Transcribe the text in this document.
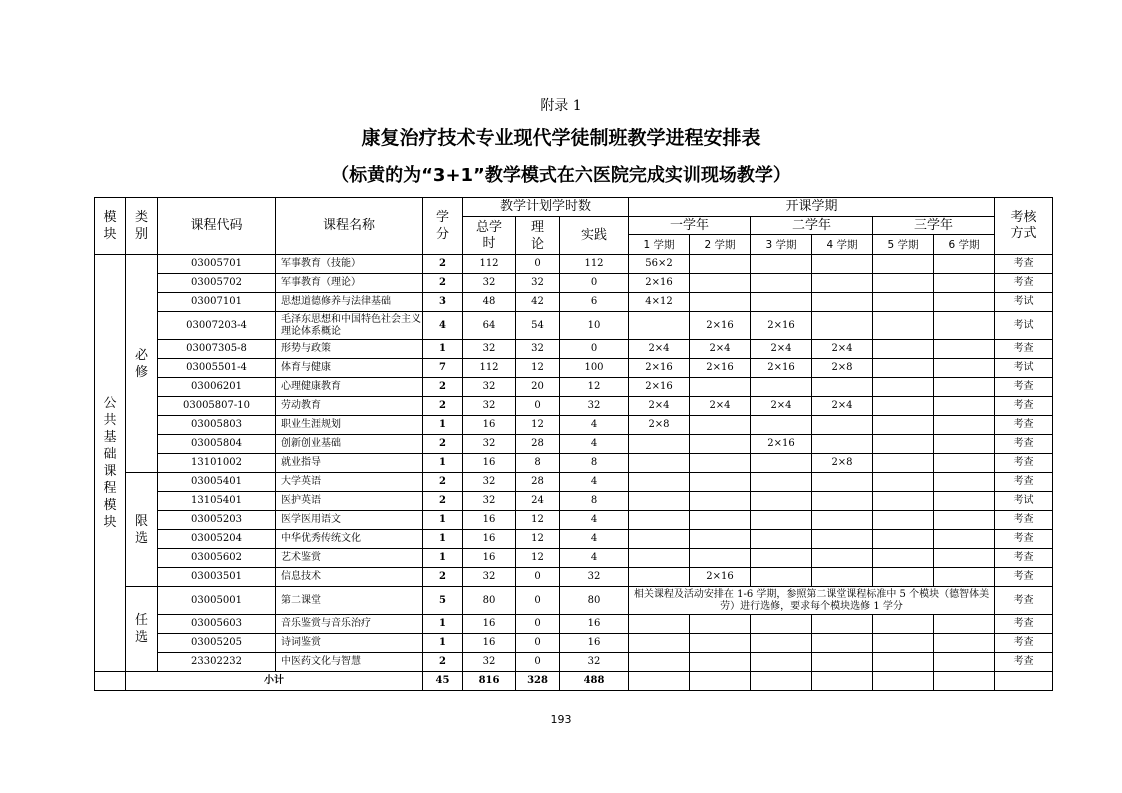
附录 1
康复治疗技术专业现代学徒制班教学进程安排表
（标黄的为“3+1”教学模式在六医院完成实训现场教学）
模块	类别	课程代码	课程名称	学分	教学计划学时数			开课学期						考核方式
					总学时	理论	实践	一学年		二学年		三学年		
								1 学期	2 学期	3 学期	4 学期	5 学期	6 学期	
公共基础课程模块	必修	03005701	军事教育（技能）	2	112	0	112	56×2						考查
		03005702	军事教育（理论）	2	32	32	0	2×16						考查
		03007101	思想道德修养与法律基础	3	48	42	6	4×12						考试
		03007203-4	毛泽东思想和中国特色社会主义理论体系概论	4	64	54	10		2×16	2×16				考试
		03007305-8	形势与政策	1	32	32	0	2×4	2×4	2×4	2×4			考查
		03005501-4	体育与健康	7	112	12	100	2×16	2×16	2×16	2×8			考试
		03006201	心理健康教育	2	32	20	12	2×16						考查
		03005807-10	劳动教育	2	32	0	32	2×4	2×4	2×4	2×4			考查
		03005803	职业生涯规划	1	16	12	4	2×8						考查
		03005804	创新创业基础	2	32	28	4			2×16				考查
		13101002	就业指导	1	16	8	8				2×8			考查
	限选	03005401	大学英语	2	32	28	4							考查
		13105401	医护英语	2	32	24	8							考试
		03005203	医学医用语文	1	16	12	4							考查
		03005204	中华优秀传统文化	1	16	12	4							考查
		03005602	艺术鉴赏	1	16	12	4							考查
		03003501	信息技术	2	32	0	32		2×16					考查
	任选	03005001	第二课堂	5	80	0	80	相关课程及活动安排在 1-6 学期，参照第二课堂课程标准中 5 个模块（德智体美劳）进行选修，要求每个模块选修 1 学分						考查
		03005603	音乐鉴赏与音乐治疗	1	16	0	16							考查
		03005205	诗词鉴赏	1	16	0	16							考查
		23302232	中医药文化与智慧	2	32	0	32							考查
	小计			45	816	328	488							
193
